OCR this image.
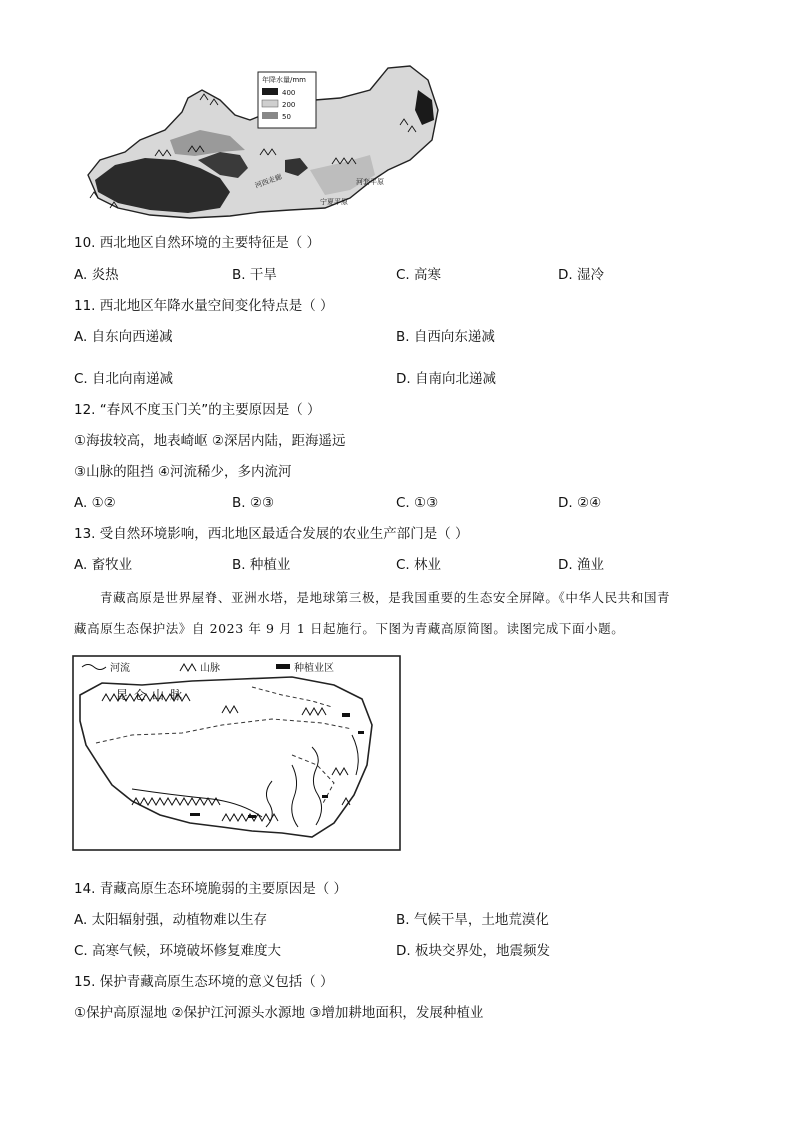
年降水量/mm
400
200
50
河西走廊
宁夏平原
河套平原
10. 西北地区自然环境的主要特征是（ ）
A. 炎热	B. 干旱	C. 高寒	D. 湿冷
11. 西北地区年降水量空间变化特点是（ ）
A. 自东向西递减	B. 自西向东递减
C. 自北向南递减	D. 自南向北递减
12. “春风不度玉门关”的主要原因是（ ）
①海拔较高，地表崎岖 ②深居内陆，距海遥远
③山脉的阻挡 ④河流稀少，多内流河
A. ①②	B. ②③	C. ①③	D. ②④
13. 受自然环境影响，西北地区最适合发展的农业生产部门是（ ）
A. 畜牧业	B. 种植业	C. 林业	D. 渔业
青藏高原是世界屋脊、亚洲水塔，是地球第三极，是我国重要的生态安全屏障。《中华人民共和国青
藏高原生态保护法》自 2023 年 9 月 1 日起施行。下图为青藏高原简图。读图完成下面小题。
河流	山脉	种植业区
昆仑山脉
14. 青藏高原生态环境脆弱的主要原因是（ ）
A. 太阳辐射强，动植物难以生存	B. 气候干旱，土地荒漠化
C. 高寒气候，环境破坏修复难度大	D. 板块交界处，地震频发
15. 保护青藏高原生态环境的意义包括（ ）
①保护高原湿地 ②保护江河源头水源地 ③增加耕地面积，发展种植业
